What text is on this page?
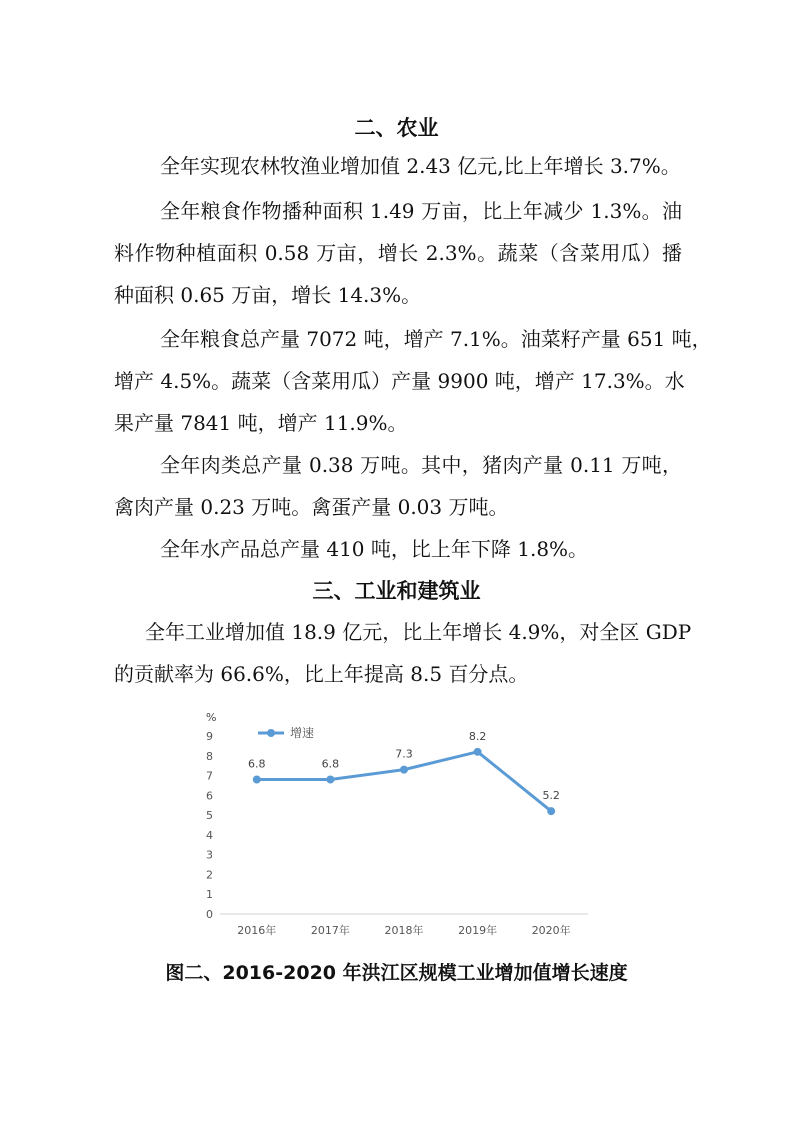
二、农业
全年实现农林牧渔业增加值 2.43 亿元,比上年增长 3.7%。
全年粮食作物播种面积 1.49 万亩，比上年减少 1.3%。油
料作物种植面积 0.58 万亩，增长 2.3%。蔬菜（含菜用瓜）播
种面积 0.65 万亩，增长 14.3%。
全年粮食总产量 7072 吨，增产 7.1%。油菜籽产量 651 吨，
增产 4.5%。蔬菜（含菜用瓜）产量 9900 吨，增产 17.3%。水
果产量 7841 吨，增产 11.9%。
全年肉类总产量 0.38 万吨。其中，猪肉产量 0.11 万吨，
禽肉产量 0.23 万吨。禽蛋产量 0.03 万吨。
全年水产品总产量 410 吨，比上年下降 1.8%。
三、工业和建筑业
全年工业增加值 18.9 亿元，比上年增长 4.9%，对全区 GDP
的贡献率为 66.6%，比上年提高 8.5 百分点。
%
0
1
2
3
4
5
6
7
8
9
2016年	2017年	2018年	2019年	2020年
6.8	6.8
7.3
8.2
5.2
增速
图二、2016-2020 年洪江区规模工业增加值增长速度
